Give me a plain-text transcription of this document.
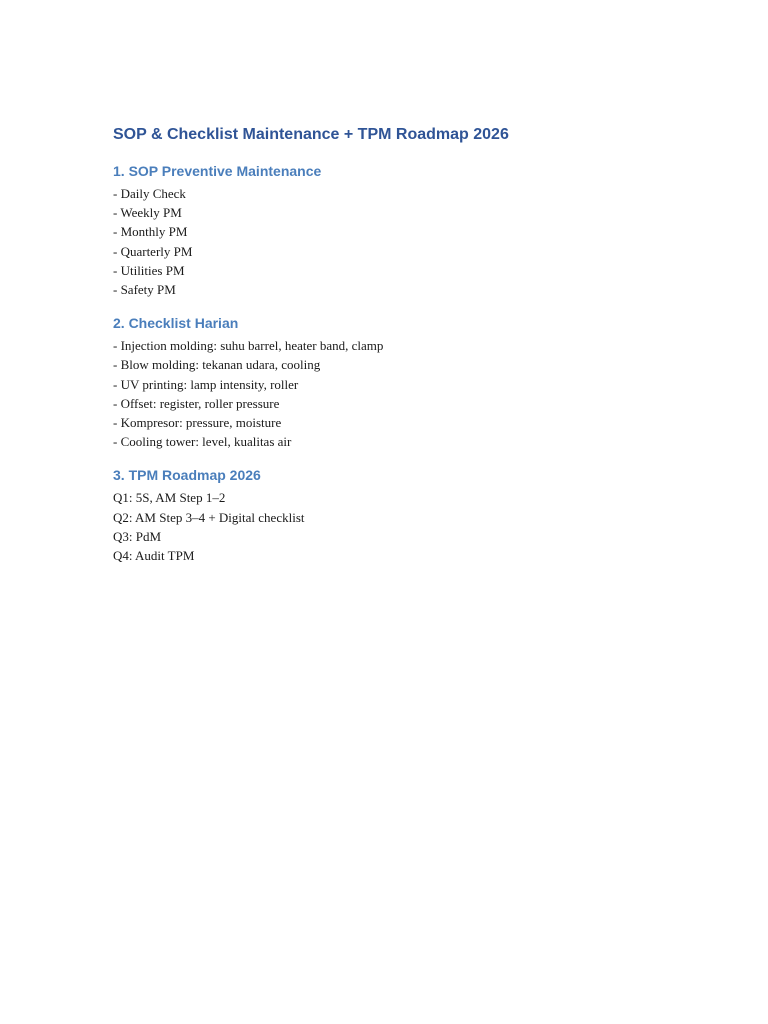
SOP & Checklist Maintenance + TPM Roadmap 2026
1. SOP Preventive Maintenance

- Daily Check

- Weekly PM

- Monthly PM

- Quarterly PM

- Utilities PM

- Safety PM

2. Checklist Harian

- Injection molding: suhu barrel, heater band, clamp

- Blow molding: tekanan udara, cooling

- UV printing: lamp intensity, roller

- Offset: register, roller pressure

- Kompresor: pressure, moisture

- Cooling tower: level, kualitas air

3. TPM Roadmap 2026

Q1: 5S, AM Step 1–2

Q2: AM Step 3–4 + Digital checklist

Q3: PdM

Q4: Audit TPM
